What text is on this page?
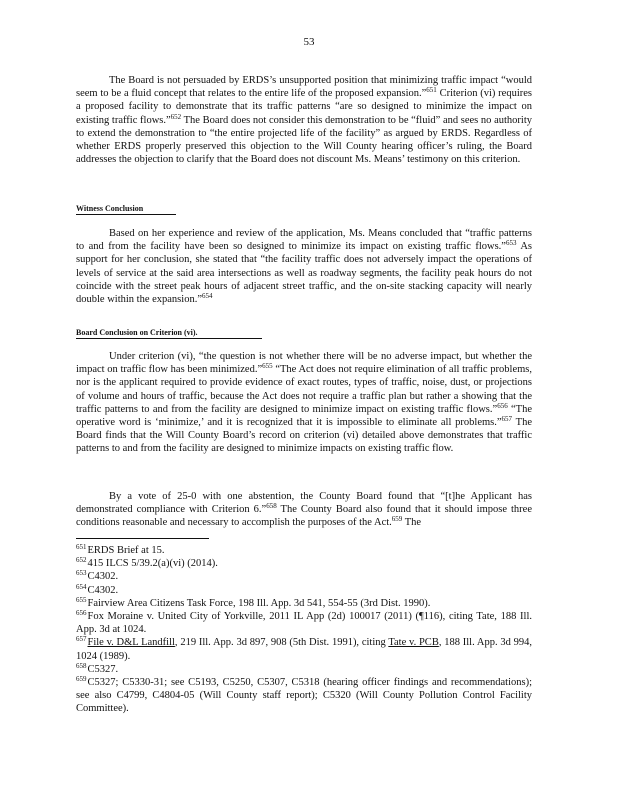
53

The Board is not persuaded by ERDS’s unsupported position that minimizing traffic impact “would seem to be a fluid concept that relates to the entire life of the proposed expansion.”$^{651}$ Criterion (vi) requires a proposed facility to demonstrate that its traffic patterns “are so designed to minimize the impact on existing traffic flows.”$^{652}$ The Board does not consider this demonstration to be “fluid” and sees no authority to extend the demonstration to “the entire projected life of the facility” as argued by ERDS. Regardless of whether ERDS properly preserved this objection to the Will County hearing officer’s ruling, the Board addresses the objection to clarify that the Board does not discount Ms. Means’ testimony on this criterion.

Witness Conclusion

Based on her experience and review of the application, Ms. Means concluded that “traffic patterns to and from the facility have been so designed to minimize its impact on existing traffic flows.”$^{653}$ As support for her conclusion, she stated that “the facility traffic does not adversely impact the operations of levels of service at the said area intersections as well as roadway segments, the facility peak hours do not coincide with the street peak hours of adjacent street traffic, and the on-site stacking capacity will nearly double within the expansion.”$^{654}$

Board Conclusion on Criterion (vi).

Under criterion (vi), “the question is not whether there will be no adverse impact, but whether the impact on traffic flow has been minimized.”$^{655}$ “The Act does not require elimination of all traffic problems, nor is the applicant required to provide evidence of exact routes, types of traffic, noise, dust, or projections of volume and hours of traffic, because the Act does not require a traffic plan but rather a showing that the traffic patterns to and from the facility are designed to minimize impact on existing traffic flows.”$^{656}$ “The operative word is ‘minimize,’ and it is recognized that it is impossible to eliminate all problems.”$^{657}$ The Board finds that the Will County Board’s record on criterion (vi) detailed above demonstrates that traffic patterns to and from the facility are designed to minimize impacts on existing traffic flow.

By a vote of 25-0 with one abstention, the County Board found that “[t]he Applicant has demonstrated compliance with Criterion 6.”$^{658}$ The County Board also found that it should impose three conditions reasonable and necessary to accomplish the purposes of the Act.$^{659}$ The

$^{651}$ERDS Brief at 15.
$^{652}$415 ILCS 5/39.2(a)(vi) (2014).
$^{653}$C4302.
$^{654}$C4302.
$^{655}$Fairview Area Citizens Task Force, 198 Ill. App. 3d 541, 554-55 (3rd Dist. 1990).
$^{656}$Fox Moraine v. United City of Yorkville, 2011 IL App (2d) 100017 (2011) (¶116), citing Tate, 188 Ill. App. 3d at 1024.
$^{657}$File v. D&L Landfill, 219 Ill. App. 3d 897, 908 (5th Dist. 1991), citing Tate v. PCB, 188 Ill. App. 3d 994, 1024 (1989).
$^{658}$C5327.
$^{659}$C5327; C5330-31; see C5193, C5250, C5307, C5318 (hearing officer findings and recommendations); see also C4799, C4804-05 (Will County staff report); C5320 (Will County Pollution Control Facility Committee).
